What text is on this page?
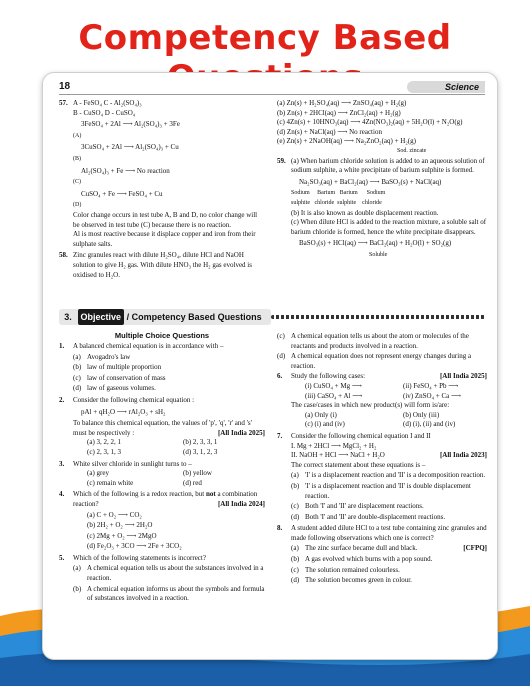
Competency Based
18	Science
57. A - FeSO₄ C - Al₂(SO₄)₃
B - CuSO₄ D - CuSO₄
3FeSO₄ + 2Al ⟶ Al₂(SO₄)₃ + 3Fe
(A)
3CuSO₄ + 2Al ⟶ Al₂(SO₄)₃ + Cu
(B)
Al₂(SO₄)₃ + Fe ⟶ No reaction
(C)
CuSO₄ + Fe ⟶ FeSO₄ + Cu
(D)
Color change occurs in test tube A, B and D, no color change will be observed in test tube (C) because there is no reaction.
Al is most reactive because it displace copper and iron from their sulphate salts.
58. Zinc granules react with dilute H₂SO₄, dilute HCl and NaOH solution to give H₂ gas. With dilute HNO₃ the H₂ gas evolved is oxidised to H₂O.
(a) Zn(s) + H₂SO₄(aq) ⟶ ZnSO₄(aq) + H₂(g)
(b) Zn(s) + 2HCl(aq) ⟶ ZnCl₂(aq) + H₂(g)
(c) 4Zn(s) + 10HNO₃(aq) ⟶ 4Zn(NO₃)₂(aq) + 5H₂O(l) + N₂O(g)
(d) Zn(s) + NaCl(aq) ⟶ No reaction
(e) Zn(s) + 2NaOH(aq) ⟶ Na₂ZnO₂(aq) + H₂(g)
Sod. zincate
59. (a) When barium chloride solution is added to an aqueous solution of sodium sulphite, a white precipitate of barium sulphite is formed.
Na₂SO₃(aq) + BaCl₂(aq) ⟶ BaSO₃(s) + NaCl(aq)
Sodium     Barium   Barium      Sodium
sulphite   chloride  sulphite    chloride
(b) It is also known as double displacement reaction.
(c) When dilute HCl is added to the reaction mixture, a soluble salt of barium chloride is formed, hence the white precipitate disappears.
BaSO₃(s) + HCl(aq) ⟶ BaCl₂(aq) + H₂O(l) + SO₂(g)
Soluble
3. Objective / Competency Based Questions
Multiple Choice Questions
1. A balanced chemical equation is in accordance with –
(a) Avogadro's law
(b) law of multiple proportion
(c) law of conservation of mass
(d) law of gaseous volumes.
2. Consider the following chemical equation :
pAl + qH₂O ⟶ rAl₂O₃ + sH₂
To balance this chemical equation, the values of 'p', 'q', 'r' and 's' must be respectively :	[All India 2025]
(a) 3, 2, 2, 1	(b) 2, 3, 3, 1
(c) 2, 3, 1, 3	(d) 3, 1, 2, 3
3. White silver chloride in sunlight turns to –
(a) grey	(b) yellow
(c) remain white	(d) red
4. Which of the following is a redox reaction, but not a combination reaction?	[All India 2024]
(a) C + O₂ ⟶ CO₂
(b) 2H₂ + O₂ ⟶ 2H₂O
(c) 2Mg + O₂ ⟶ 2MgO
(d) Fe₂O₃ + 3CO ⟶ 2Fe + 3CO₂
5. Which of the following statements is incorrect?
(a) A chemical equation tells us about the substances involved in a reaction.
(b) A chemical equation informs us about the symbols and formula of substances involved in a reaction.
(c) A chemical equation tells us about the atom or molecules of the reactants and products involved in a reaction.
(d) A chemical equation does not represent energy changes during a reaction.
6. Study the following cases:	[All India 2025]
(i) CuSO₄ + Mg ⟶	(ii) FeSO₄ + Pb ⟶
(iii) CaSO₄ + Al ⟶	(iv) ZnSO₄ + Ca ⟶
The case/cases in which new product(s) will form is/are:
(a) Only (i)	(b) Only (iii)
(c) (i) and (iv)	(d) (i), (ii) and (iv)
7. Consider the following chemical equation I and II
I. Mg + 2HCl ⟶ MgCl₂ + H₂
II. NaOH + HCl ⟶ NaCl + H₂O	[All India 2023]
The correct statement about these equations is –
(a) 'I' is a displacement reaction and 'II' is a decomposition reaction.
(b) 'I' is a displacement reaction and 'II' is double displacement reaction.
(c) Both 'I' and 'II' are displacement reactions.
(d) Both 'I' and 'II' are double-displacement reactions.
8. A student added dilute HCl to a test tube containing zinc granules and made following observations which one is correct?
(a) The zinc surface became dull and black.	[CFPQ]
(b) A gas evolved which burns with a pop sound.
(c) The solution remained colourless.
(d) The solution becomes green in colour.
